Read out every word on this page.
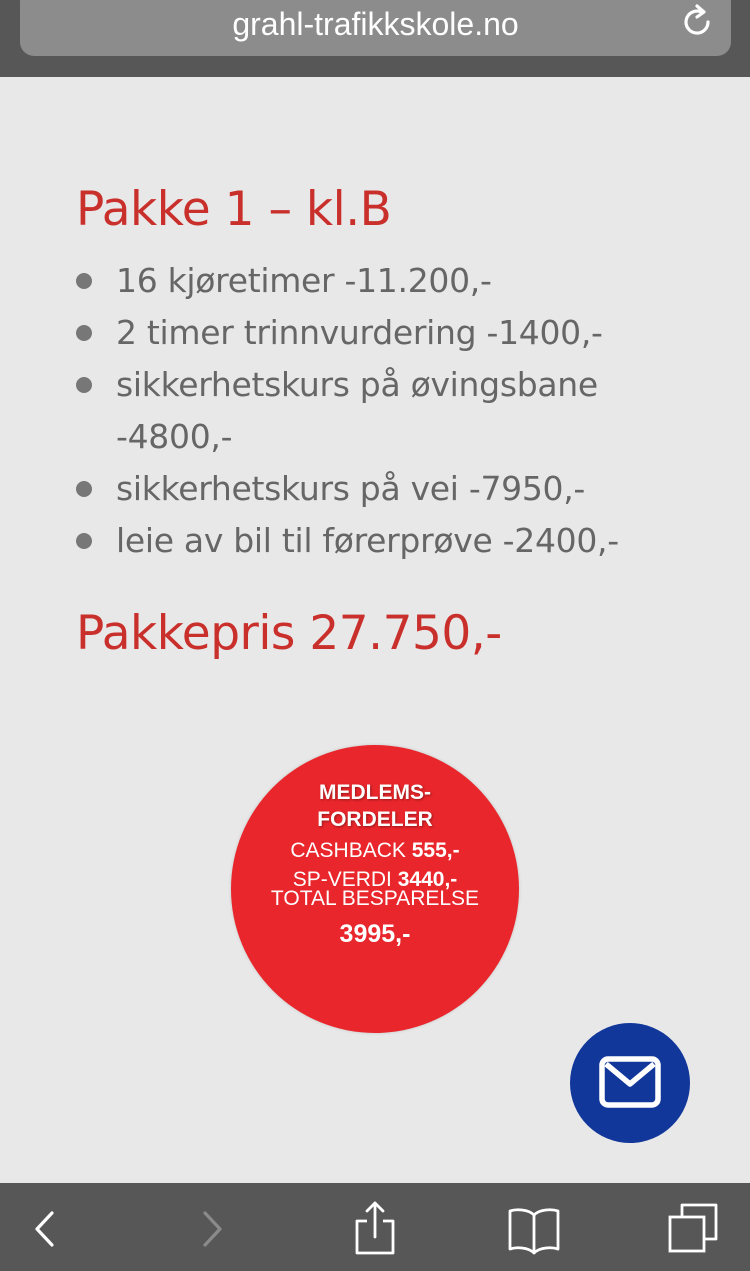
grahl-trafikkskole.no
Pakke 1 – kl.B
16 kjøretimer -11.200,-
2 timer trinnvurdering -1400,-
sikkerhetskurs på øvingsbane -4800,-
sikkerhetskurs på vei -7950,-
leie av bil til førerprøve -2400,-
Pakkepris 27.750,-
MEDLEMS-
FORDELER
CASHBACK 555,-
SP-VERDI 3440,-
TOTAL BESPARELSE
3995,-
